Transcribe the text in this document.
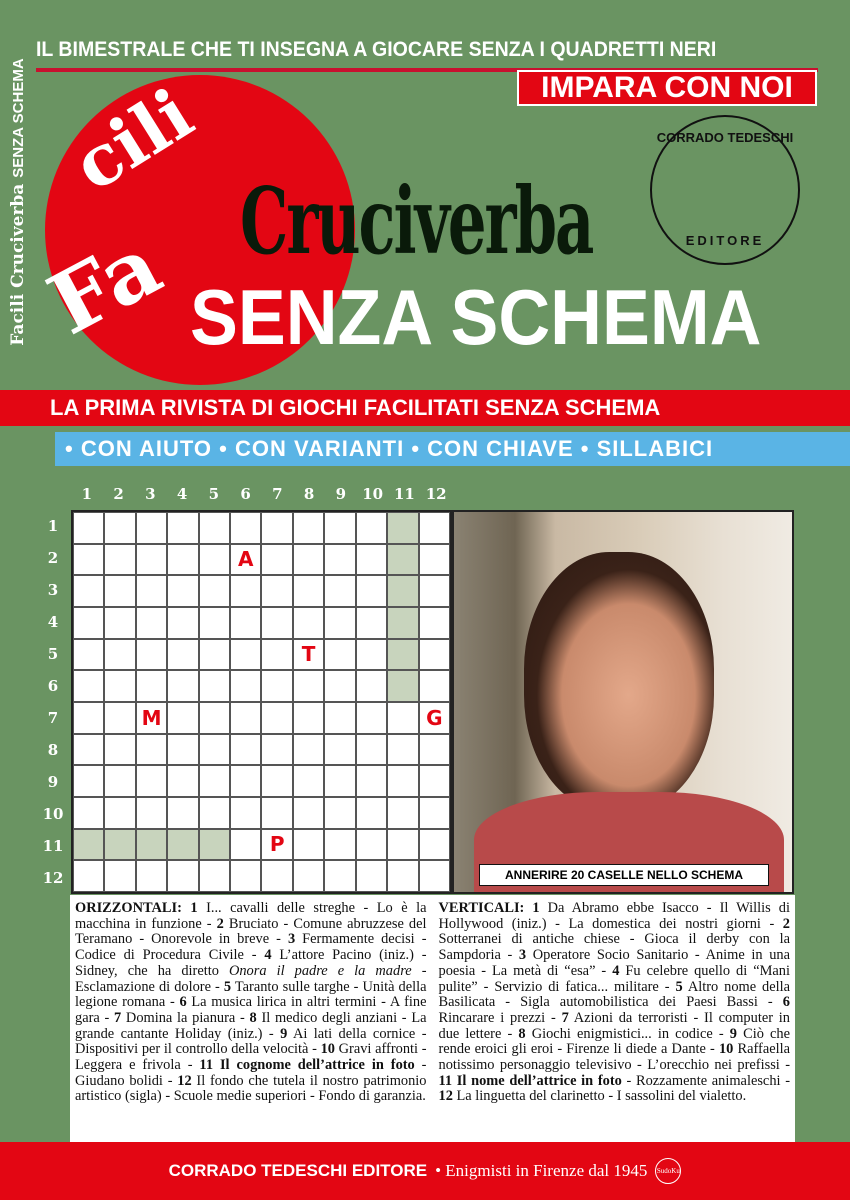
Facili Cruciverba SENZA SCHEMA
IL BIMESTRALE CHE TI INSEGNA A GIOCARE SENZA I QUADRETTI NERI
IMPARA CON NOI
Fa
cili	CORRADO TEDESCHI
EDITORE
Cruciverba
SENZA SCHEMA
LA PRIMA RIVISTA DI GIOCHI FACILITATI SENZA SCHEMA
• CON AIUTO • CON VARIANTI • CON CHIAVE • SILLABICI
1	2	3	4	5	6	7	8	9	10 11 12
1
2
3
4
5
6
7
8
9
10
11
12
A
T
M	G
P
ANNERIRE 20 CASELLE NELLO SCHEMA
ORIZZONTALI: 1 I... cavalli delle streghe - Lo è la macchina in funzione - 2 Bruciato - Comune abruzzese del Teramano - Onorevole in breve - 3 Fermamente decisi - Codice di Procedura Civile - 4 L’attore Pacino (iniz.) - Sidney, che ha diretto Onora il padre e la madre - Esclamazione di dolore - 5 Taranto sulle targhe - Unità della legione romana - 6 La musica lirica in altri termini - A fine gara - 7 Domina la pianura - 8 Il medico degli anziani - La grande cantante Holiday (iniz.) - 9 Ai lati della cornice - Dispositivi per il controllo della velocità - 10 Gravi affronti - Leggera e frivola - 11 Il cognome dell’attrice in foto - Giudano bolidi - 12 Il fondo che tutela il nostro patrimonio artistico (sigla) - Scuole medie superiori - Fondo di garanzia.
VERTICALI: 1 Da Abramo ebbe Isacco - Il Willis di Hollywood (iniz.) - La domestica dei nostri giorni - 2 Sotterranei di antiche chiese - Gioca il derby con la Sampdoria - 3 Operatore Socio Sanitario - Anime in una poesia - La metà di “esa” - 4 Fu celebre quello di “Mani pulite” - Servizio di fatica... militare - 5 Altro nome della Basilicata - Sigla automobilistica dei Paesi Bassi - 6 Rincarare i prezzi - 7 Azioni da terroristi - Il computer in due lettere - 8 Giochi enigmistici... in codice - 9 Ciò che rende eroici gli eroi - Firenze li diede a Dante - 10 Raffaella notissimo personaggio televisivo - L’orecchio nei prefissi - 11 Il nome dell’attrice in foto - Rozzamente animaleschi - 12 La linguetta del clarinetto - I sassolini del vialetto.
CORRADO TEDESCHI EDITORE • Enigmisti in Firenze dal 1945 SudoKu
